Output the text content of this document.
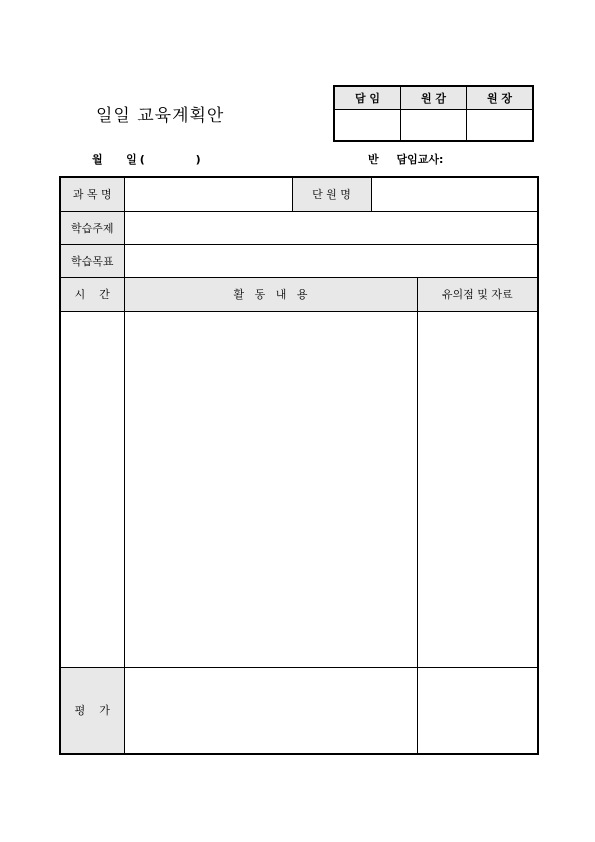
일일 교육계획안
담 임	원 감	원 장

월   일(       )	반 담임교사:
과 목 명		단 원 명		
학습주제				
학습목표				
시    간	활   동   내   용			유의점 및 자료

평    가				
